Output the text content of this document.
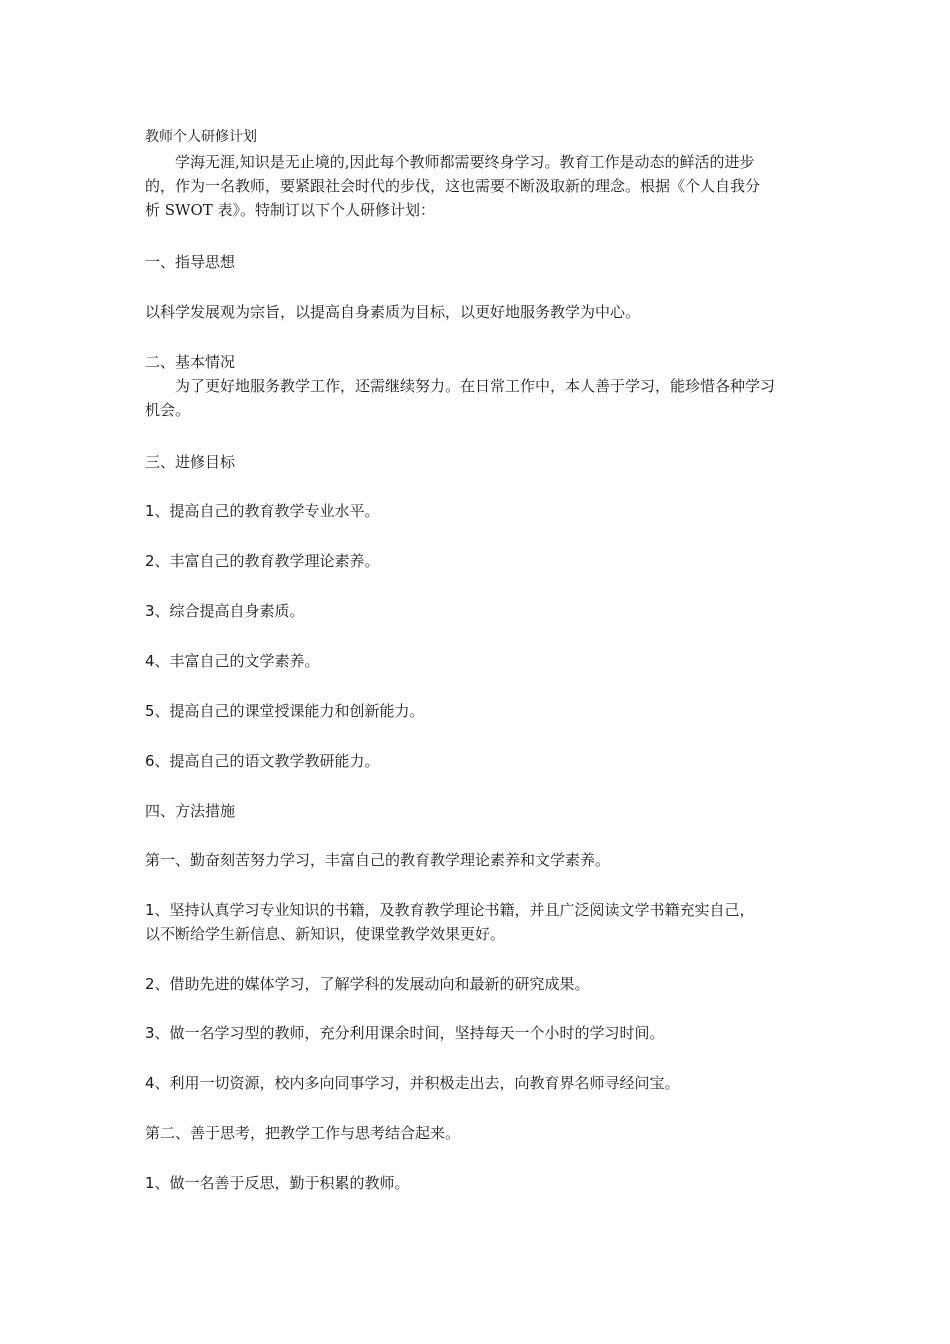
教师个人研修计划

学海无涯,知识是无止境的,因此每个教师都需要终身学习。教育工作是动态的鲜活的进步

的，作为一名教师，要紧跟社会时代的步伐，这也需要不断汲取新的理念。根据《个人自我分

析 SWOT 表》。特制订以下个人研修计划：

一、指导思想

以科学发展观为宗旨，以提高自身素质为目标，以更好地服务教学为中心。

二、基本情况

为了更好地服务教学工作，还需继续努力。在日常工作中，本人善于学习，能珍惜各种学习

机会。

三、进修目标

1、提高自己的教育教学专业水平。

2、丰富自己的教育教学理论素养。

3、综合提高自身素质。

4、丰富自己的文学素养。

5、提高自己的课堂授课能力和创新能力。

6、提高自己的语文教学教研能力。

四、方法措施

第一、勤奋刻苦努力学习，丰富自己的教育教学理论素养和文学素养。

1、坚持认真学习专业知识的书籍，及教育教学理论书籍，并且广泛阅读文学书籍充实自己，

以不断给学生新信息、新知识，使课堂教学效果更好。

2、借助先进的媒体学习，了解学科的发展动向和最新的研究成果。

3、做一名学习型的教师，充分利用课余时间，坚持每天一个小时的学习时间。

4、利用一切资源，校内多向同事学习，并积极走出去，向教育界名师寻经问宝。

第二、善于思考，把教学工作与思考结合起来。

1、做一名善于反思，勤于积累的教师。
